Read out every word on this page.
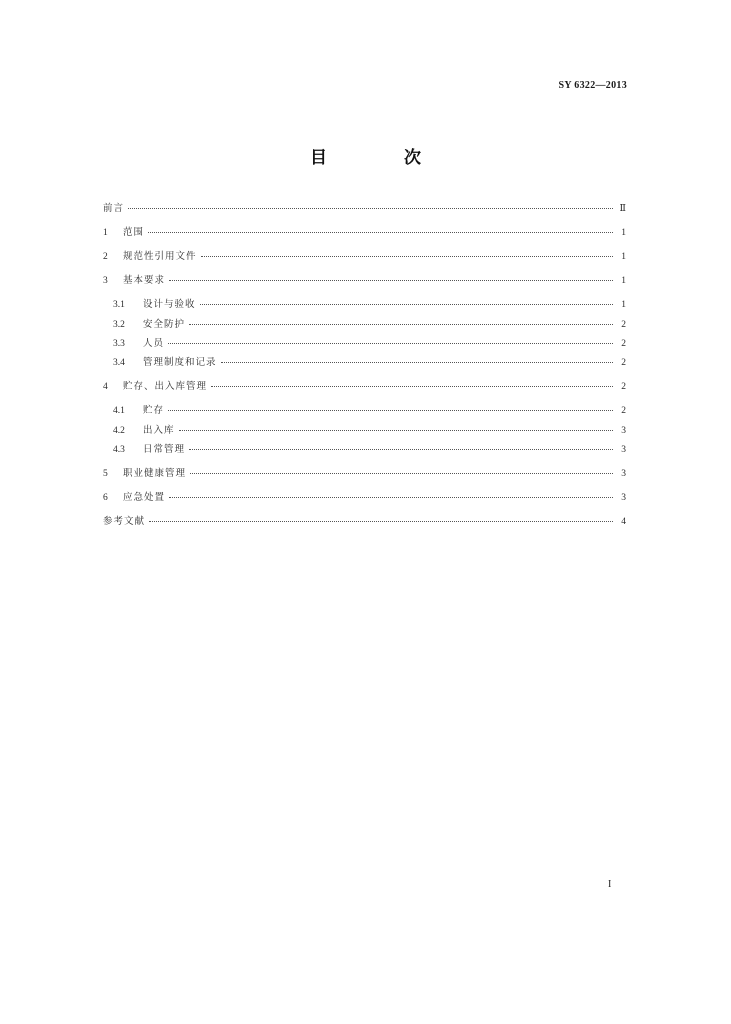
SY 6322—2013
目　次
前言	Ⅱ
1	范围	1
2	规范性引用文件	1
3	基本要求	1
3.1	设计与验收	1
3.2	安全防护	2
3.3	人员	2
3.4	管理制度和记录	2
4	贮存、出入库管理	2
4.1	贮存	2
4.2	出入库	3
4.3	日常管理	3
5	职业健康管理	3
6	应急处置	3
参考文献	4
I
